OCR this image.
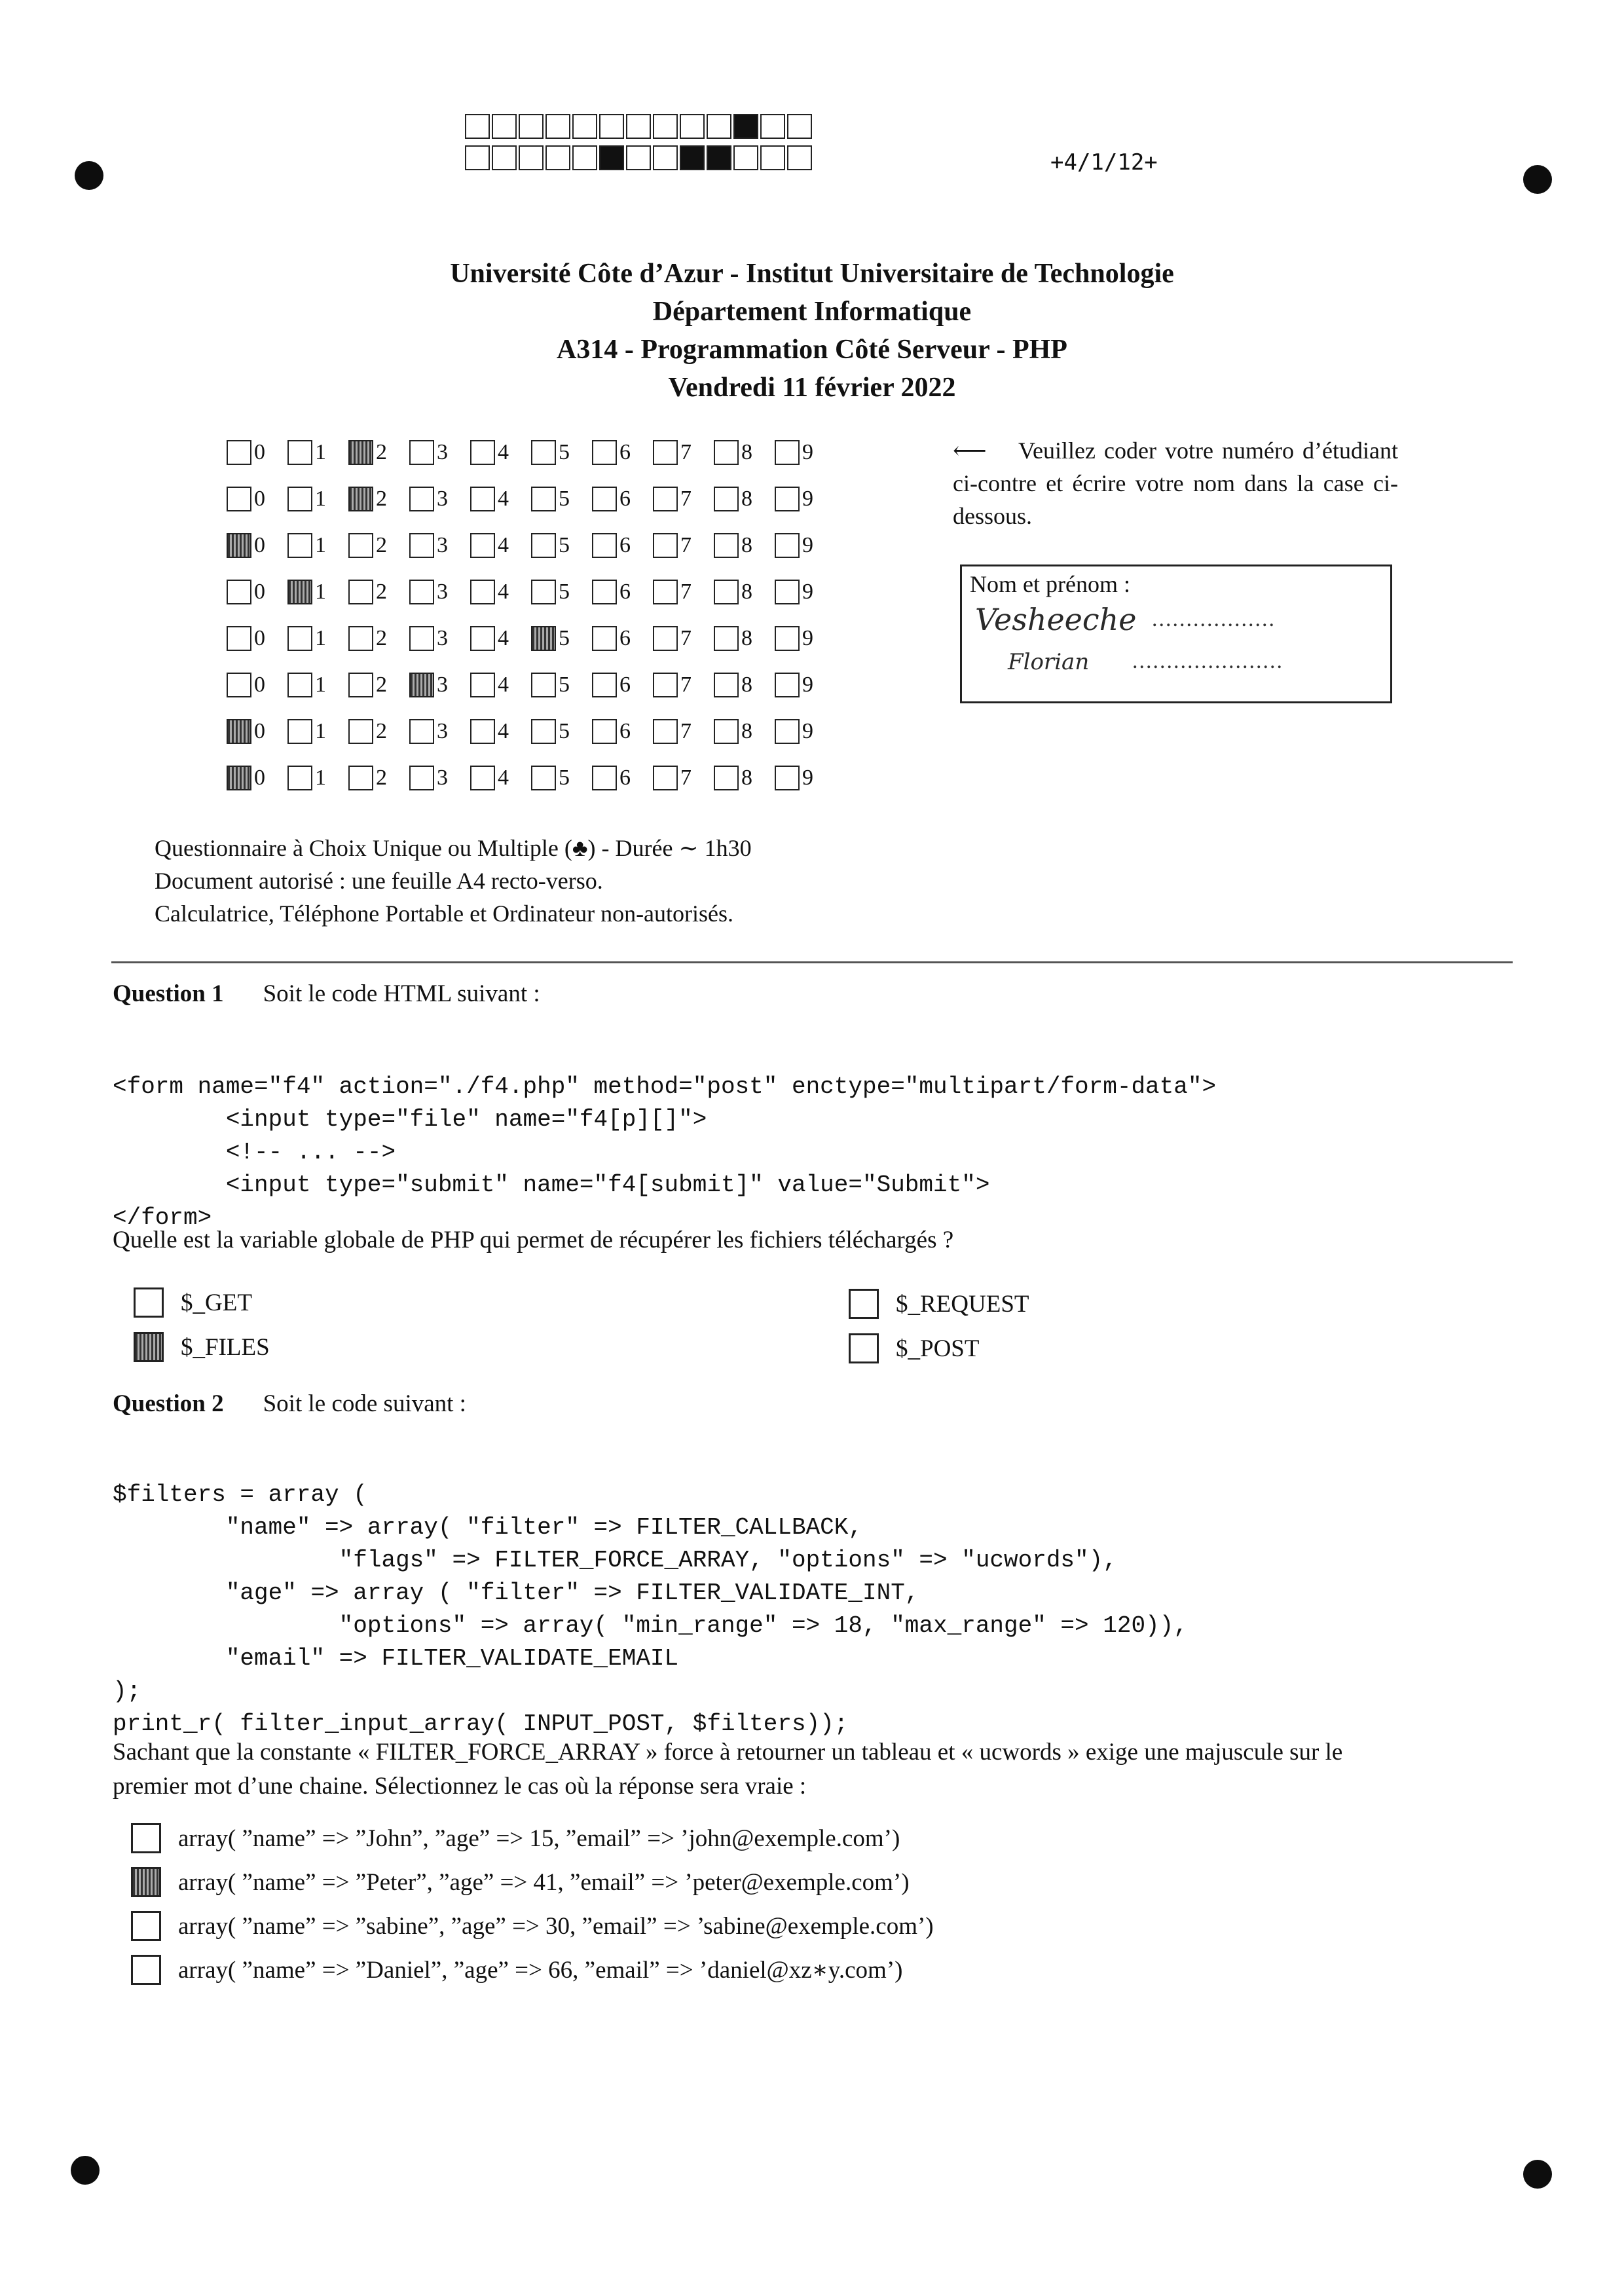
+4/1/12+
Université Côte d’Azur - Institut Universitaire de Technologie
Département Informatique
A314 - Programmation Côté Serveur - PHP
Vendredi 11 février 2022
0 1 2 3 4 5 6 7 8 9
0 1 2 3 4 5 6 7 8 9
0 1 2 3 4 5 6 7 8 9
0 1 2 3 4 5 6 7 8 9
0 1 2 3 4 5 6 7 8 9
0 1 2 3 4 5 6 7 8 9
0 1 2 3 4 5 6 7 8 9
0 1 2 3 4 5 6 7 8 9
⟵ Veuillez coder votre numéro d’étudiant ci-contre et écrire votre nom dans la case ci-dessous.
Nom et prénom :
Vesheeche ..................
Florian ......................
Questionnaire à Choix Unique ou Multiple (♣) - Durée ∼ 1h30
Document autorisé : une feuille A4 recto-verso.
Calculatrice, Téléphone Portable et Ordinateur non-autorisés.
Question 1 Soit le code HTML suivant :

<form name="f4" action="./f4.php" method="post" enctype="multipart/form-data">
<input type="file" name="f4[p][]">
<!-- ... -->
<input type="submit" name="f4[submit]" value="Submit">
</form>
Quelle est la variable globale de PHP qui permet de récupérer les fichiers téléchargés ?
$_GET
$_FILES
$_REQUEST
$_POST
Question 2 Soit le code suivant :

$filters = array (
"name" => array( "filter" => FILTER_CALLBACK,
"flags" => FILTER_FORCE_ARRAY, "options" => "ucwords"),
"age" => array ( "filter" => FILTER_VALIDATE_INT,
"options" => array( "min_range" => 18, "max_range" => 120)),
"email" => FILTER_VALIDATE_EMAIL
);
print_r( filter_input_array( INPUT_POST, $filters));
Sachant que la constante « FILTER_FORCE_ARRAY » force à retourner un tableau et « ucwords » exige une majuscule sur le
premier mot d’une chaine. Sélectionnez le cas où la réponse sera vraie :
array( ”name” => ”John”, ”age” => 15, ”email” => ’john@exemple.com’)
array( ”name” => ”Peter”, ”age” => 41, ”email” => ’peter@exemple.com’)
array( ”name” => ”sabine”, ”age” => 30, ”email” => ’sabine@exemple.com’)
array( ”name” => ”Daniel”, ”age” => 66, ”email” => ’daniel@xz∗y.com’)
